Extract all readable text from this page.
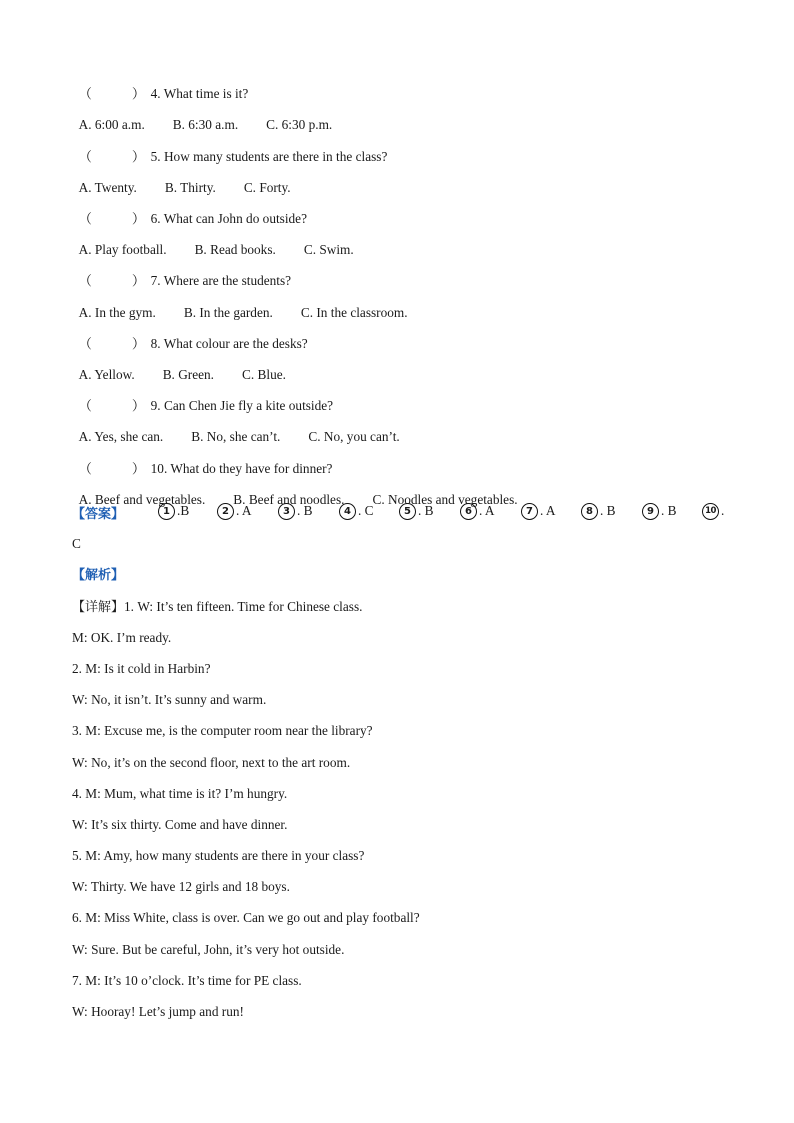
（　　　） 4. What time is it?

A. 6:00 a.m. B. 6:30 a.m. C. 6:30 p.m.

（　　　） 5. How many students are there in the class?

A. Twenty. B. Thirty. C. Forty.

（　　　） 6. What can John do outside?

A. Play football. B. Read books. C. Swim.

（　　　） 7. Where are the students?

A. In the gym. B. In the garden. C. In the classroom.

（　　　） 8. What colour are the desks?

A. Yellow. B. Green. C. Blue.

（　　　） 9. Can Chen Jie fly a kite outside?

A. Yes, she can. B. No, she can’t. C. No, you can’t.

（　　　） 10. What do they have for dinner?

A. Beef and vegetables. B. Beef and noodles. C. Noodles and vegetables.

【答案】	1 .B	2 . A	3 . B	4 . C	5 . B	6 . A	7 . A	8 . B	9 . B	10 .
C
【解析】
【详解】1. W: It’s ten fifteen. Time for Chinese class.
M: OK. I’m ready.
2. M: Is it cold in Harbin?
W: No, it isn’t. It’s sunny and warm.
3. M: Excuse me, is the computer room near the library?
W: No, it’s on the second floor, next to the art room.
4. M: Mum, what time is it? I’m hungry.
W: It’s six thirty. Come and have dinner.
5. M: Amy, how many students are there in your class?
W: Thirty. We have 12 girls and 18 boys.
6. M: Miss White, class is over. Can we go out and play football?
W: Sure. But be careful, John, it’s very hot outside.
7. M: It’s 10 o’clock. It’s time for PE class.
W: Hooray! Let’s jump and run!
